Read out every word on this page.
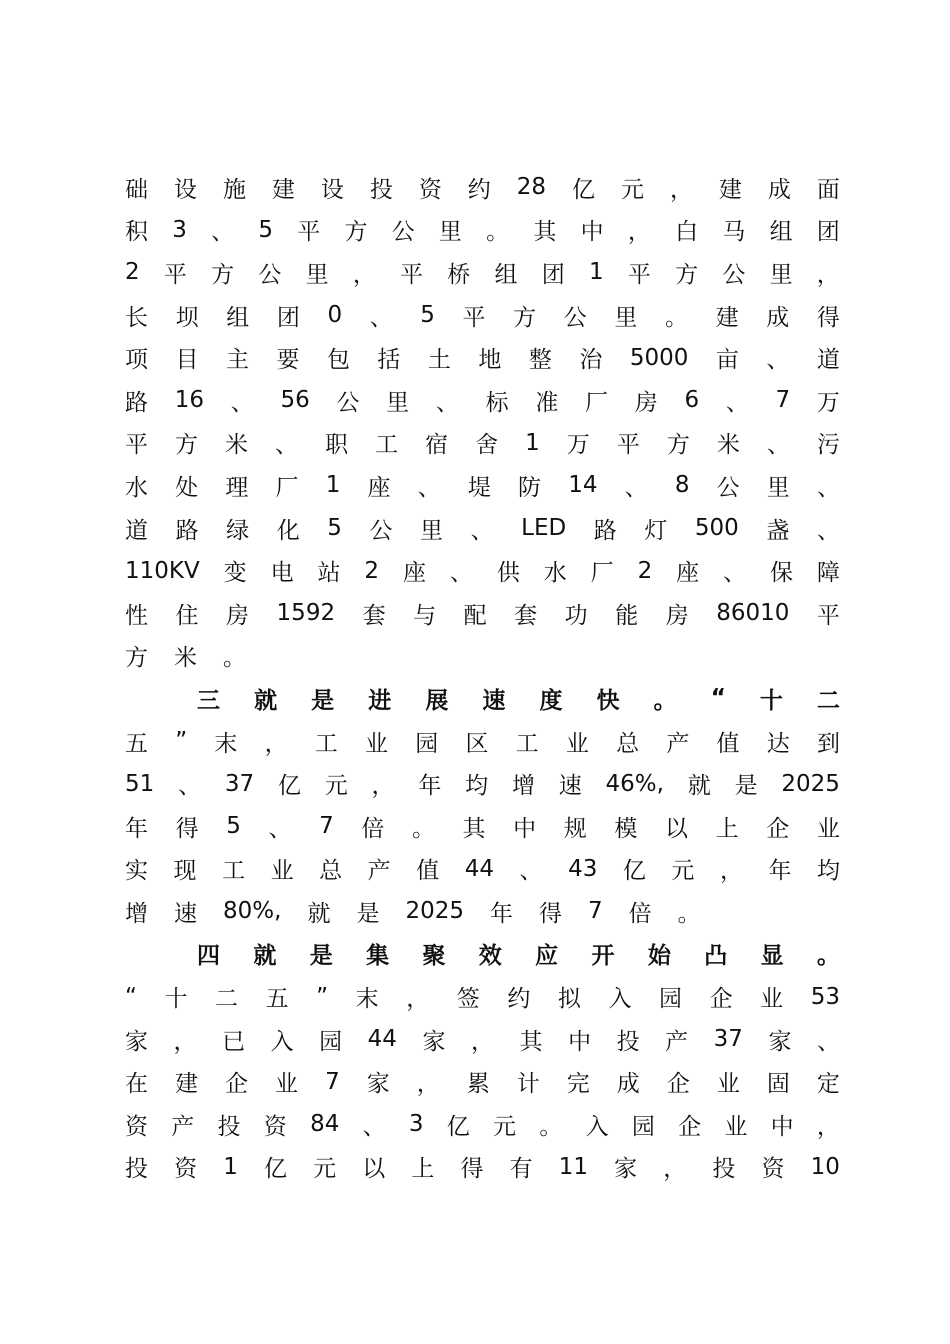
础 设 施 建 设 投 资 约 28 亿 元 ， 建 成 面
积 3 、 5 平 方 公 里 。 其 中 ， 白 马 组 团
2 平 方 公 里 ， 平 桥 组 团 1 平 方 公 里 ，
长 坝 组 团 0 、 5 平 方 公 里 。 建 成 得
项 目 主 要 包 括 土 地 整 治 5000 亩 、 道
路 16 、 56 公 里 、 标 准 厂 房 6 、 7 万
平 方 米 、 职 工 宿 舍 1 万 平 方 米 、 污
水 处 理 厂 1 座 、 堤 防 14 、 8 公 里 、
道 路 绿 化 5 公 里 、 LED 路 灯 500 盏 、
110KV 变 电 站 2 座 、 供 水 厂 2 座 、 保 障
性 住 房 1592 套 与 配 套 功 能 房 86010 平
方 米 。
三 就 是 进 展 速 度 快 。 “ 十 二
五 ” 末 ， 工 业 园 区 工 业 总 产 值 达 到
51 、 37 亿 元 ， 年 均 增 速 46%, 就 是 2025
年 得 5 、 7 倍 。 其 中 规 模 以 上 企 业
实 现 工 业 总 产 值 44 、 43 亿 元 ， 年 均
增 速 80%, 就 是 2025 年 得 7 倍 。
四 就 是 集 聚 效 应 开 始 凸 显 。
“ 十 二 五 ” 末 ， 签 约 拟 入 园 企 业 53
家 ， 已 入 园 44 家 ， 其 中 投 产 37 家 、
在 建 企 业 7 家 ， 累 计 完 成 企 业 固 定
资 产 投 资 84 、 3 亿 元 。 入 园 企 业 中 ，
投 资 1 亿 元 以 上 得 有 11 家 ， 投 资 10
